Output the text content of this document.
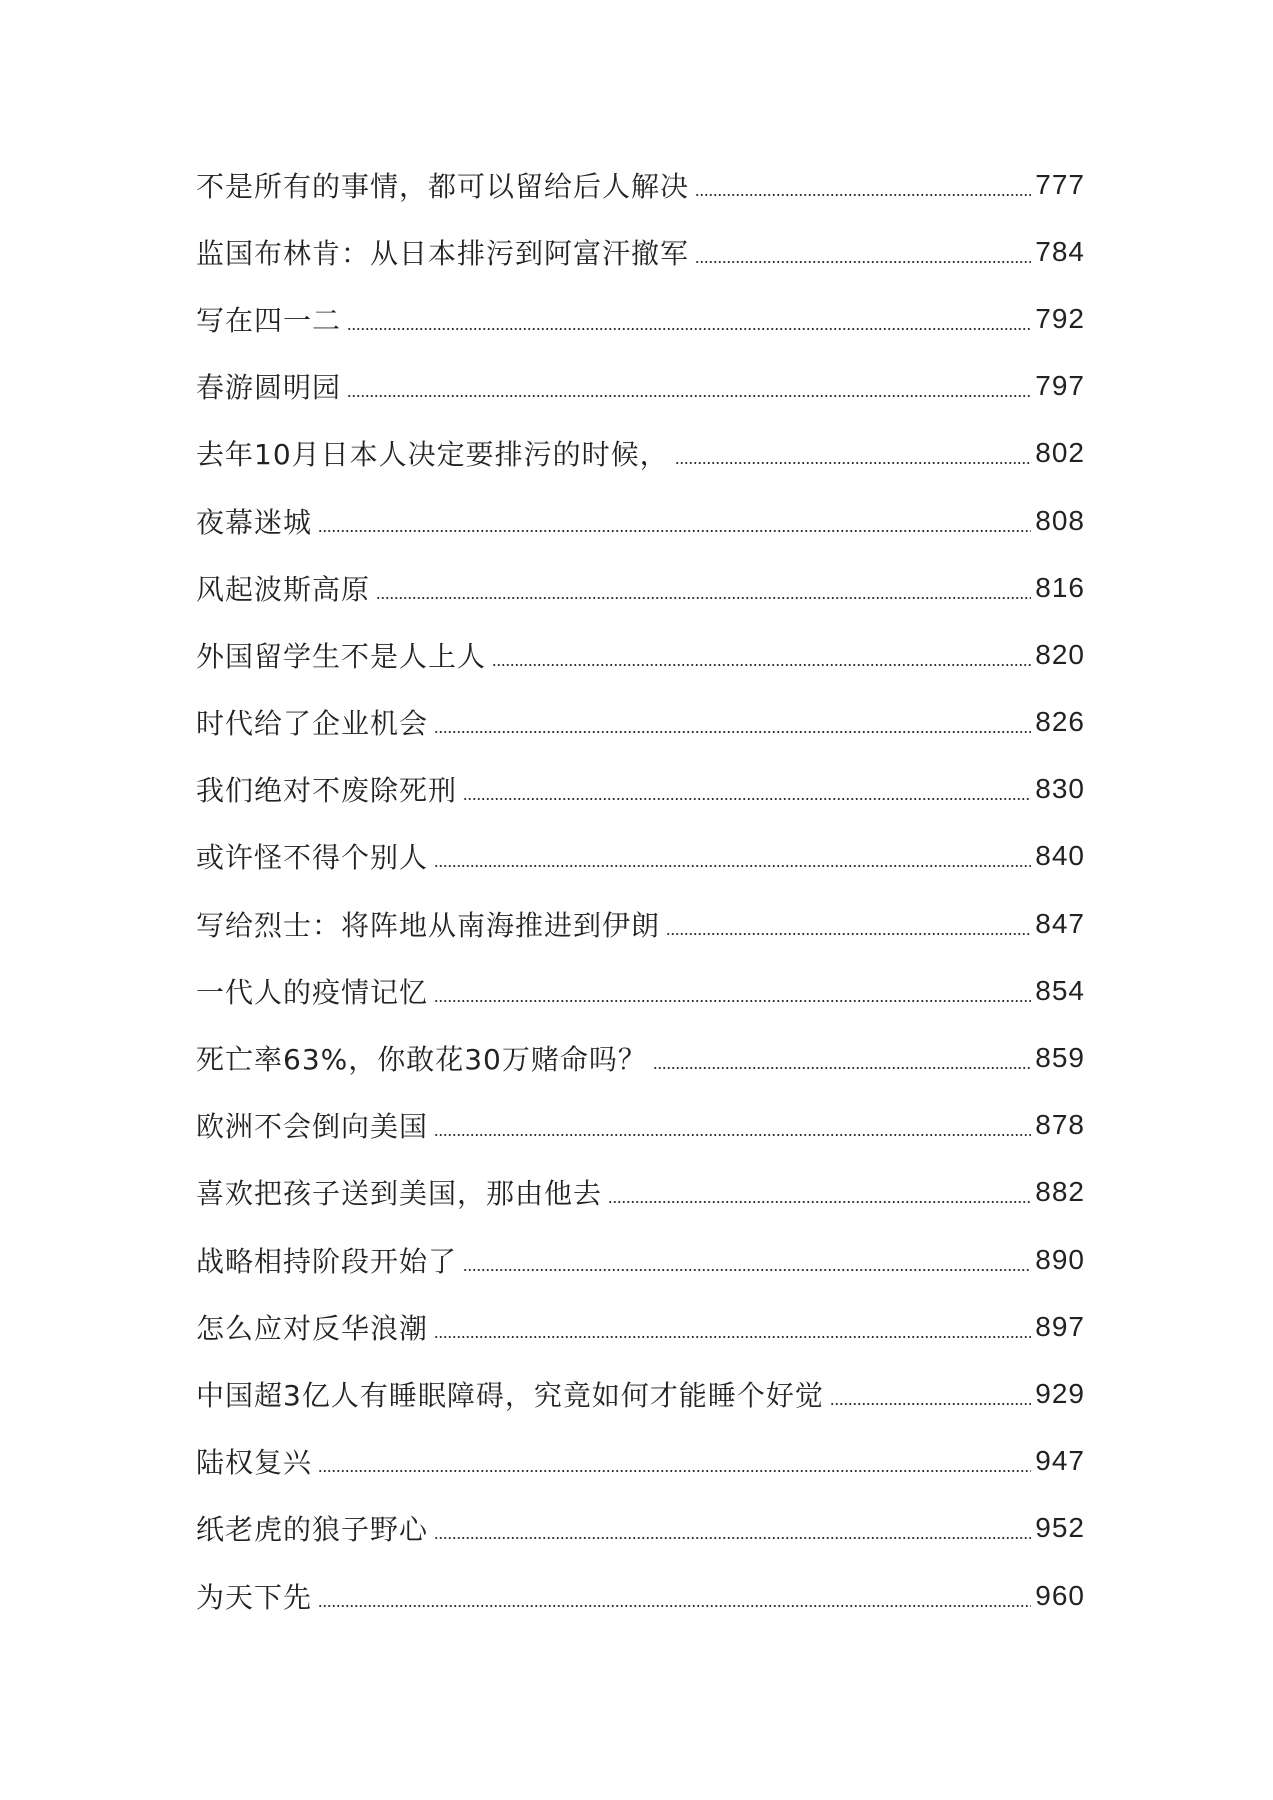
不是所有的事情，都可以留给后人解决	777
监国布林肯：从日本排污到阿富汗撤军	784
写在四一二	792
春游圆明园	797
去年10月日本人决定要排污的时候，	802
夜幕迷城	808
风起波斯高原	816
外国留学生不是人上人	820
时代给了企业机会	826
我们绝对不废除死刑	830
或许怪不得个别人	840
写给烈士：将阵地从南海推进到伊朗	847
一代人的疫情记忆	854
死亡率63%，你敢花30万赌命吗？	859
欧洲不会倒向美国	878
喜欢把孩子送到美国，那由他去	882
战略相持阶段开始了	890
怎么应对反华浪潮	897
中国超3亿人有睡眠障碍，究竟如何才能睡个好觉	929
陆权复兴	947
纸老虎的狼子野心	952
为天下先	960
